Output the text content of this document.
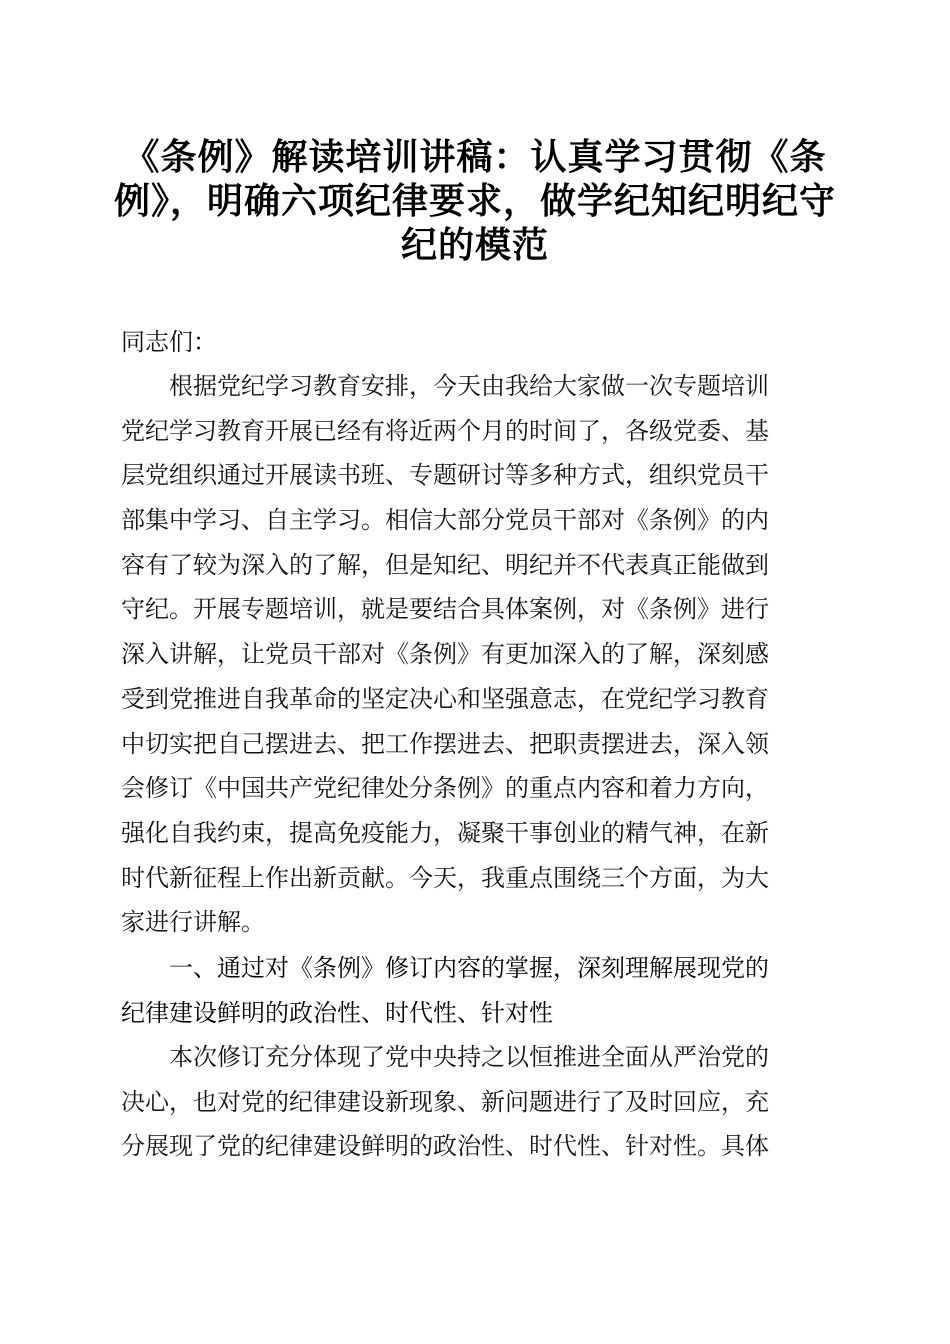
《条例》解读培训讲稿：认真学习贯彻《条
例》，明确六项纪律要求，做学纪知纪明纪守
纪的模范
同志们：
根据党纪学习教育安排，今天由我给大家做一次专题培训
党纪学习教育开展已经有将近两个月的时间了，各级党委、基
层党组织通过开展读书班、专题研讨等多种方式，组织党员干
部集中学习、自主学习。相信大部分党员干部对《条例》的内
容有了较为深入的了解，但是知纪、明纪并不代表真正能做到
守纪。开展专题培训，就是要结合具体案例，对《条例》进行
深入讲解，让党员干部对《条例》有更加深入的了解，深刻感
受到党推进自我革命的坚定决心和坚强意志，在党纪学习教育
中切实把自己摆进去、把工作摆进去、把职责摆进去，深入领
会修订《中国共产党纪律处分条例》的重点内容和着力方向，
强化自我约束，提高免疫能力，凝聚干事创业的精气神，在新
时代新征程上作出新贡献。今天，我重点围绕三个方面，为大
家进行讲解。
一、通过对《条例》修订内容的掌握，深刻理解展现党的
纪律建设鲜明的政治性、时代性、针对性
本次修订充分体现了党中央持之以恒推进全面从严治党的
决心，也对党的纪律建设新现象、新问题进行了及时回应，充
分展现了党的纪律建设鲜明的政治性、时代性、针对性。具体
